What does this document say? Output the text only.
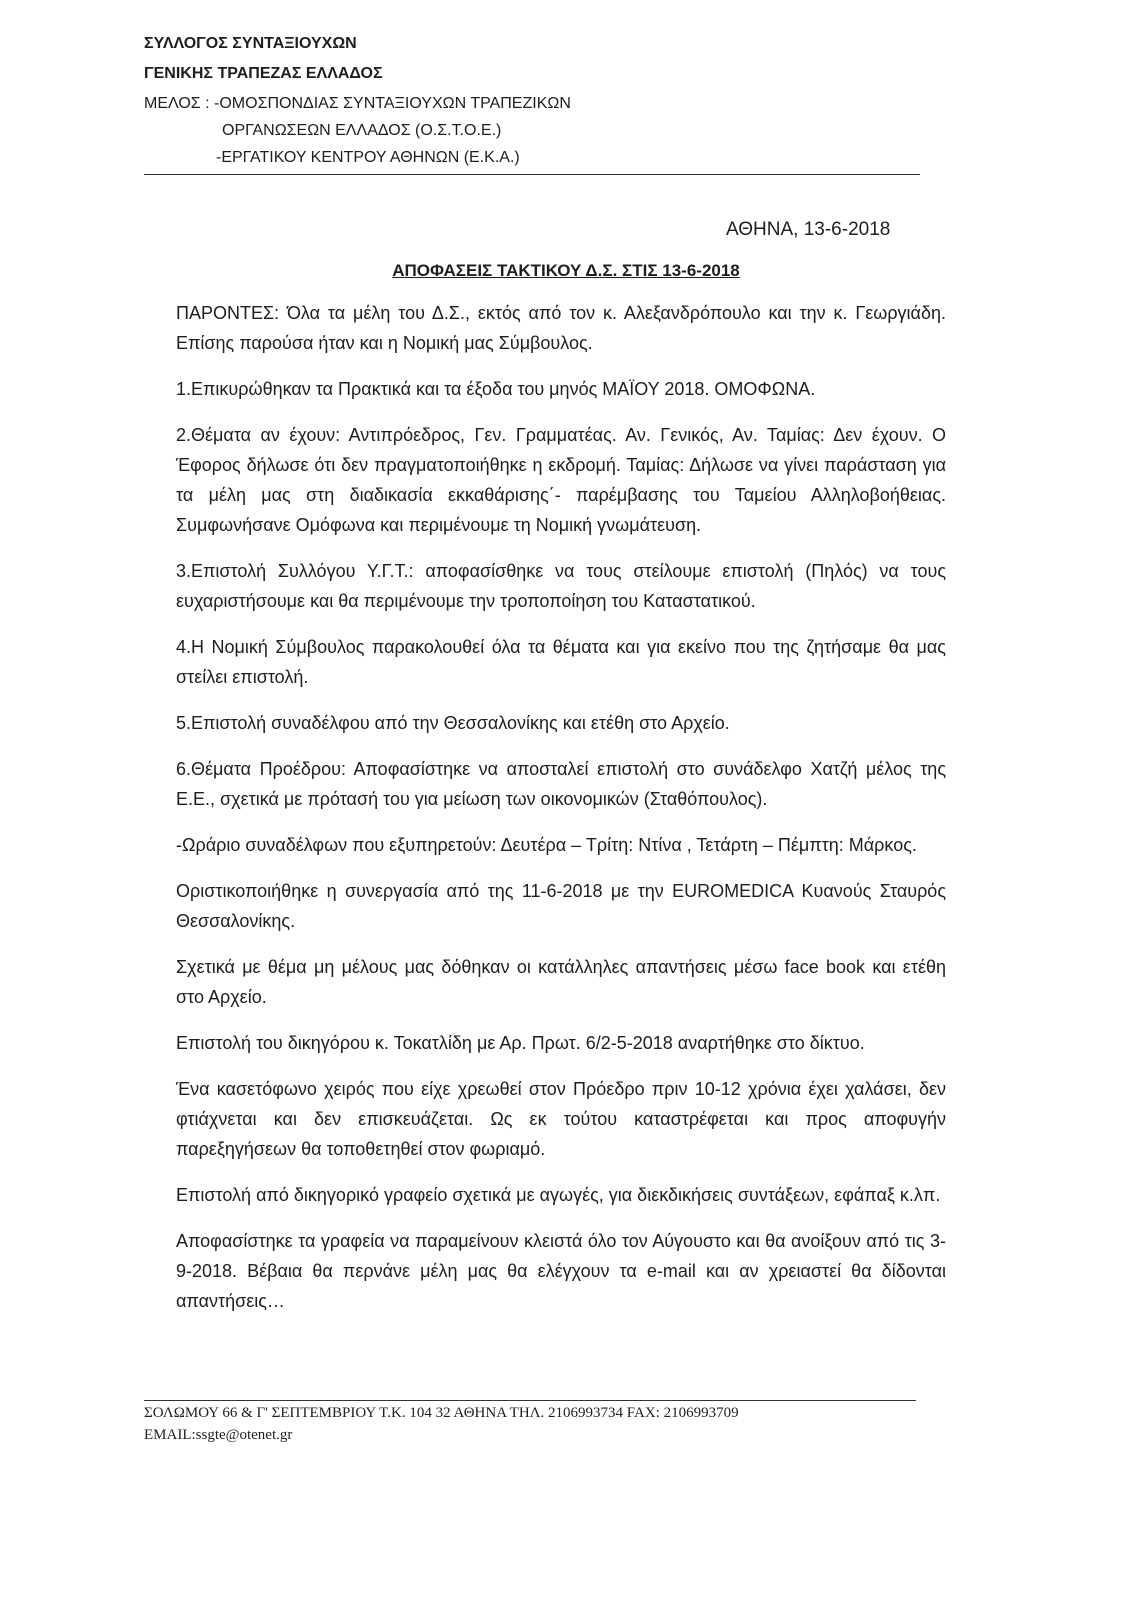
ΣΥΛΛΟΓΟΣ ΣΥΝΤΑΞΙΟΥΧΩΝ
ΓΕΝΙΚΗΣ ΤΡΑΠΕΖΑΣ ΕΛΛΑΔΟΣ
ΜΕΛΟΣ : -ΟΜΟΣΠΟΝΔΙΑΣ ΣΥΝΤΑΞΙΟΥΧΩΝ ΤΡΑΠΕΖΙΚΩΝ
ΟΡΓΑΝΩΣΕΩΝ ΕΛΛΑΔΟΣ (Ο.Σ.Τ.Ο.Ε.)
-ΕΡΓΑΤΙΚΟΥ ΚΕΝΤΡΟΥ ΑΘΗΝΩΝ (Ε.Κ.Α.)
ΑΘΗΝΑ, 13-6-2018
ΑΠΟΦΑΣΕΙΣ ΤΑΚΤΙΚΟΥ Δ.Σ. ΣΤΙΣ 13-6-2018

ΠΑΡΟΝΤΕΣ: Όλα τα μέλη του Δ.Σ., εκτός από τον κ. Αλεξανδρόπουλο και την κ. Γεωργιάδη. Επίσης παρούσα ήταν και η Νομική μας Σύμβουλος.

1.Επικυρώθηκαν τα Πρακτικά και τα έξοδα του μηνός ΜΑΪΟΥ 2018. ΟΜΟΦΩΝΑ.

2.Θέματα αν έχουν: Αντιπρόεδρος, Γεν. Γραμματέας. Αν. Γενικός, Αν. Ταμίας: Δεν έχουν. Ο Έφορος δήλωσε ότι δεν πραγματοποιήθηκε η εκδρομή. Ταμίας: Δήλωσε να γίνει παράσταση για τα μέλη μας στη διαδικασία εκκαθάρισης΄- παρέμβασης του Ταμείου Αλληλοβοήθειας. Συμφωνήσανε Ομόφωνα και περιμένουμε τη Νομική γνωμάτευση.

3.Επιστολή Συλλόγου Υ.Γ.Τ.: αποφασίσθηκε να τους στείλουμε επιστολή (Πηλός) να τους ευχαριστήσουμε και θα περιμένουμε την τροποποίηση του Καταστατικού.

4.Η Νομική Σύμβουλος παρακολουθεί όλα τα θέματα και για εκείνο που της ζητήσαμε θα μας στείλει επιστολή.

5.Επιστολή συναδέλφου από την Θεσσαλονίκης και ετέθη στο Αρχείο.

6.Θέματα Προέδρου: Αποφασίστηκε να αποσταλεί επιστολή στο συνάδελφο Χατζή μέλος της Ε.Ε., σχετικά με πρότασή του για μείωση των οικονομικών (Σταθόπουλος).

-Ωράριο συναδέλφων που εξυπηρετούν: Δευτέρα – Τρίτη: Ντίνα , Τετάρτη – Πέμπτη: Μάρκος.

Οριστικοποιήθηκε η συνεργασία από της 11-6-2018 με την EUROMEDICA Κυανούς Σταυρός Θεσσαλονίκης.

Σχετικά με θέμα μη μέλους μας δόθηκαν οι κατάλληλες απαντήσεις μέσω face book και ετέθη στο Αρχείο.

Επιστολή του δικηγόρου κ. Τοκατλίδη με Αρ. Πρωτ. 6/2-5-2018 αναρτήθηκε στο δίκτυο.

Ένα κασετόφωνο χειρός που είχε χρεωθεί στον Πρόεδρο πριν 10-12 χρόνια έχει χαλάσει, δεν φτιάχνεται και δεν επισκευάζεται. Ως εκ τούτου καταστρέφεται και προς αποφυγήν παρεξηγήσεων θα τοποθετηθεί στον φωριαμό.

Επιστολή από δικηγορικό γραφείο σχετικά με αγωγές, για διεκδικήσεις συντάξεων, εφάπαξ κ.λπ.

Αποφασίστηκε τα γραφεία να παραμείνουν κλειστά όλο τον Αύγουστο και θα ανοίξουν από τις 3-9-2018. Βέβαια θα περνάνε μέλη μας θα ελέγχουν τα e-mail και αν χρειαστεί θα δίδονται απαντήσεις…

ΣΟΛΩΜΟΥ 66 & Γ' ΣΕΠΤΕΜΒΡΙΟΥ Τ.Κ. 104 32 ΑΘΗΝΑ ΤΗΛ. 2106993734 FAX: 2106993709
EMAIL:ssgte@otenet.gr
